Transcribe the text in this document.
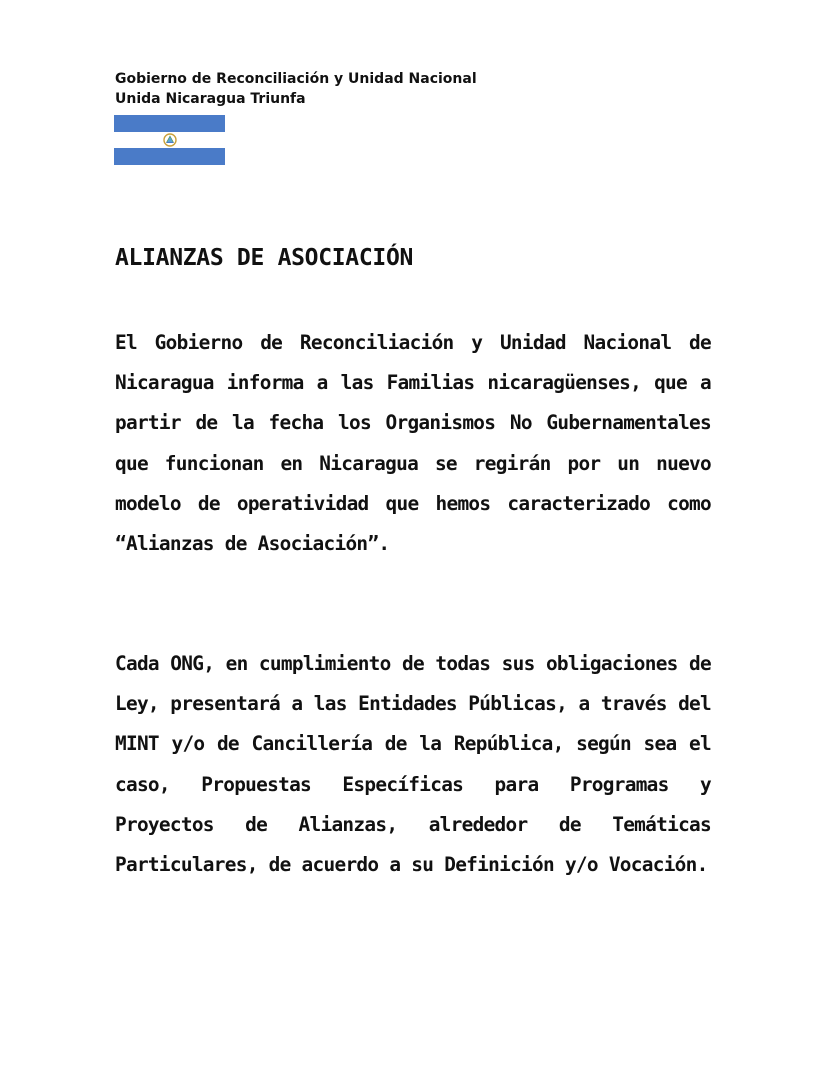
Gobierno de Reconciliación y Unidad Nacional
Unida Nicaragua Triunfa
ALIANZAS DE ASOCIACIÓN
El Gobierno de Reconciliación y Unidad Nacional de Nicaragua informa a las Familias nicaragüenses, que a partir de la fecha los Organismos No Gubernamentales que funcionan en Nicaragua se regirán por un nuevo modelo de operatividad que hemos caracterizado como “Alianzas de Asociación”.
Cada ONG, en cumplimiento de todas sus obligaciones de Ley, presentará a las Entidades Públicas, a través del MINT y/o de Cancillería de la República, según sea el caso, Propuestas Específicas para Programas y Proyectos de Alianzas, alrededor de Temáticas Particulares, de acuerdo a su Definición y/o Vocación.
